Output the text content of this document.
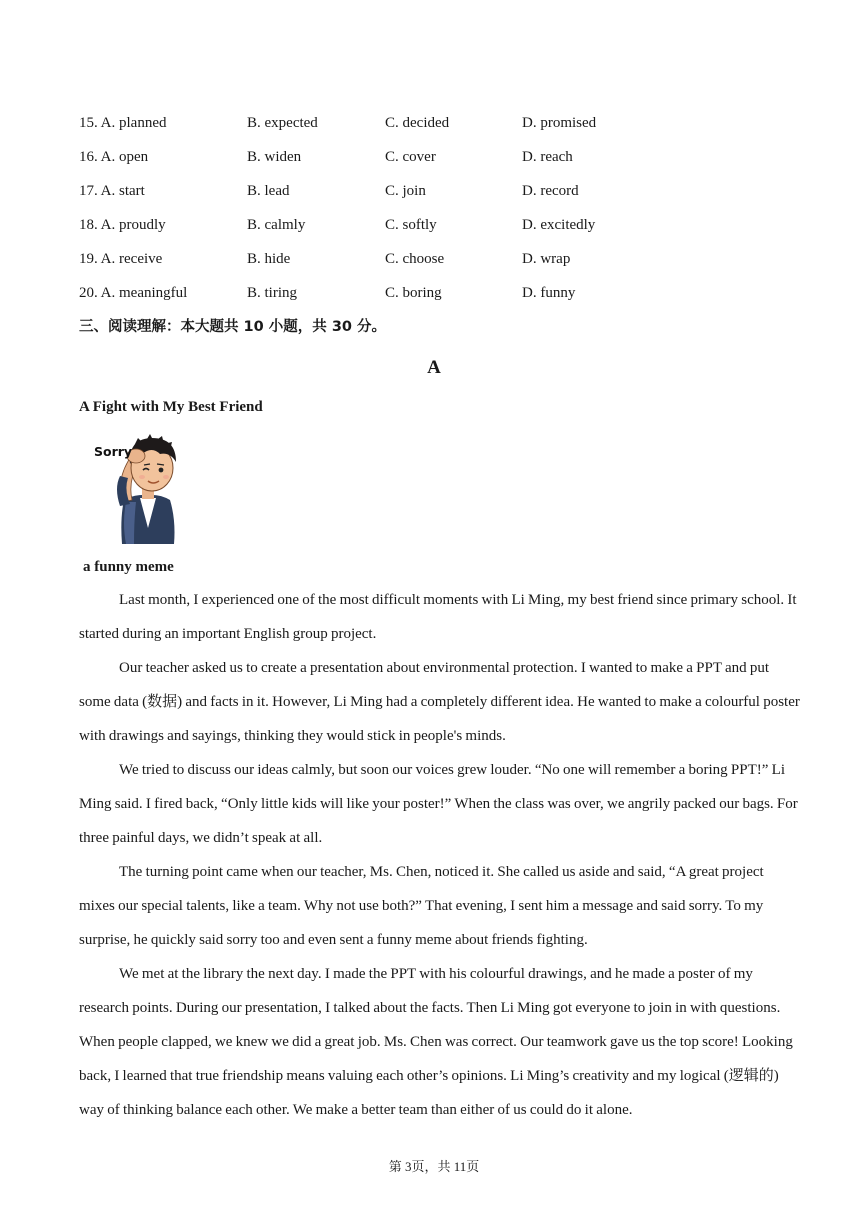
15. A. planned	B. expected	C. decided	D. promised
16. A. open	B. widen	C. cover	D. reach
17. A. start	B. lead	C. join	D. record
18. A. proudly	B. calmly	C. softly	D. excitedly
19. A. receive	B. hide	C. choose	D. wrap
20. A. meaningful	B. tiring	C. boring	D. funny
三、阅读理解：本大题共 10 小题，共 30 分。
A
A Fight with My Best Friend
Sorry
a funny meme

Last month, I experienced one of the most difficult moments with Li Ming, my best friend since primary school. It started during an important English group project.

Our teacher asked us to create a presentation about environmental protection. I wanted to make a PPT and put some data (数据) and facts in it. However, Li Ming had a completely different idea. He wanted to make a colourful poster with drawings and sayings, thinking they would stick in people's minds.

We tried to discuss our ideas calmly, but soon our voices grew louder. “No one will remember a boring PPT!” Li Ming said. I fired back, “Only little kids will like your poster!” When the class was over, we angrily packed our bags. For three painful days, we didn’t speak at all.

The turning point came when our teacher, Ms. Chen, noticed it. She called us aside and said, “A great project mixes our special talents, like a team. Why not use both?” That evening, I sent him a message and said sorry. To my surprise, he quickly said sorry too and even sent a funny meme about friends fighting.

We met at the library the next day. I made the PPT with his colourful drawings, and he made a poster of my research points. During our presentation, I talked about the facts. Then Li Ming got everyone to join in with questions. When people clapped, we knew we did a great job. Ms. Chen was correct. Our teamwork gave us the top score! Looking back, I learned that true friendship means valuing each other’s opinions. Li Ming’s creativity and my logical (逻辑的) way of thinking balance each other. We make a better team than either of us could do it alone.

第 3页，共 11页
